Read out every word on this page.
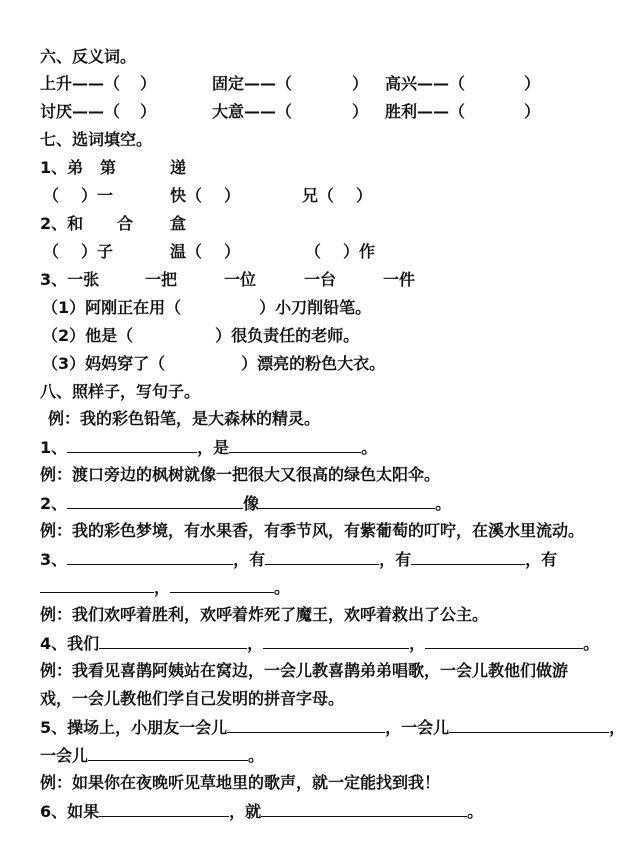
六、反义词。
上升——（ ）	固定——（	） 高兴——（	）
讨厌——（ ）	大意——（	） 胜利——（	）
七、选词填空。
1、弟 第	递
（ ）一	快（ ）	兄（ ）
2、和 合 盒
（ ）子	温（ ）	（ ）作
3、一张	一把	一位	一台	一件
（1）阿刚正在用（	）小刀削铅笔。
（2）他是（	）很负责任的老师。
（3）妈妈穿了（	）漂亮的粉色大衣。
八、照样子，写句子。
例：我的彩色铅笔，是大森林的精灵。
1、	，是	。
例：渡口旁边的枫树就像一把很大又很高的绿色太阳伞。
2、	像	。
例：我的彩色梦境，有水果香，有季节风，有紫葡萄的叮咛，在溪水里流动。
3、	，有	，有	，有
，	。
例：我们欢呼着胜利，欢呼着炸死了魔王，欢呼着救出了公主。
4、我们	，	，	。
例：我看见喜鹊阿姨站在窝边，一会儿教喜鹊弟弟唱歌，一会儿教他们做游
戏，一会儿教他们学自己发明的拼音字母。
5、操场上，小朋友一会儿	，一会儿	，
一会儿	。
例：如果你在夜晚听见草地里的歌声，就一定能找到我！
6、如果	，就	。
